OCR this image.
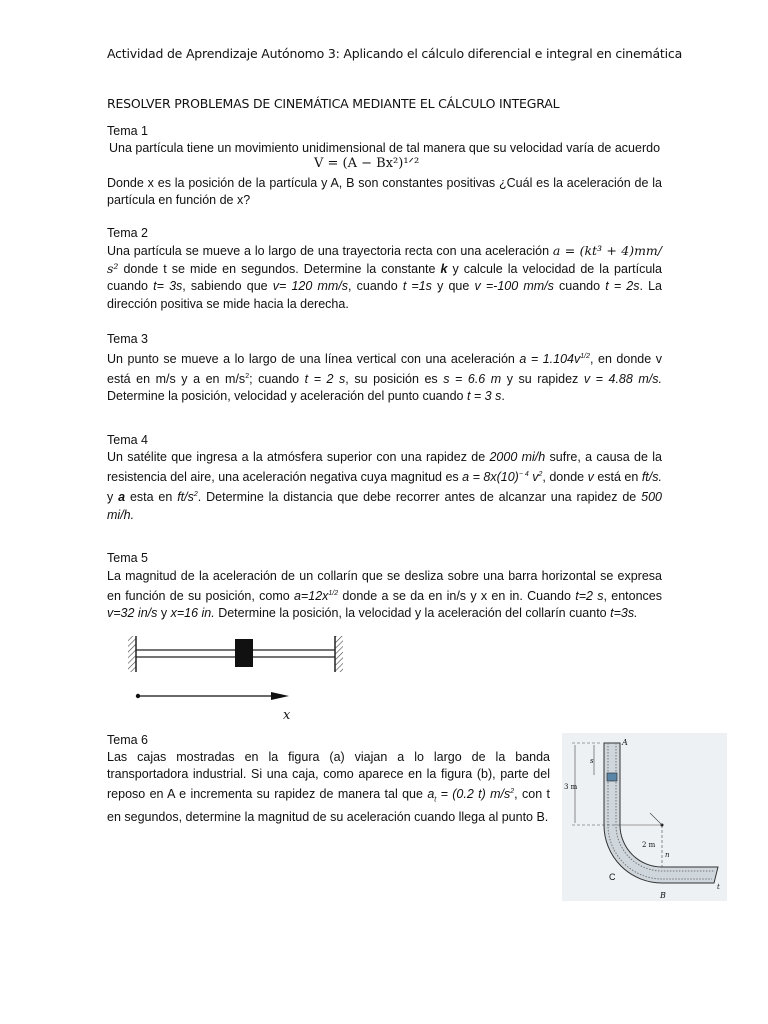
Actividad de Aprendizaje Autónomo 3: Aplicando el cálculo diferencial e integral en cinemática
RESOLVER PROBLEMAS DE CINEMÁTICA MEDIANTE EL CÁLCULO INTEGRAL
Tema 1
Una partícula tiene un movimiento unidimensional de tal manera que su velocidad varía de acuerdo
V = (A − Bx²)¹ᐟ²
Donde x es la posición de la partícula y A, B son constantes positivas ¿Cuál es la aceleración de la partícula en función de x?
Tema 2
Una partícula se mueve a lo largo de una trayectoria recta con una aceleración a = (kt³ + 4)mm/ s² donde t se mide en segundos. Determine la constante k y calcule la velocidad de la partícula cuando t= 3s, sabiendo que v= 120 mm/s, cuando t =1s y que v =-100 mm/s cuando t = 2s. La dirección positiva se mide hacia la derecha.
Tema 3
Un punto se mueve a lo largo de una línea vertical con una aceleración $a = 1.104v^{1/2}$, en donde v está en m/s y a en $m/s^2$; cuando t = 2 s, su posición es s = 6.6 m y su rapidez v = 4.88 m/s. Determine la posición, velocidad y aceleración del punto cuando t = 3 s.
Tema 4
Un satélite que ingresa a la atmósfera superior con una rapidez de 2000 mi/h sufre, a causa de la resistencia del aire, una aceleración negativa cuya magnitud es $a = 8x(10)^{- 4}$ $v^2$, donde v está en ft/s. y a esta en $ft/s^2$. Determine la distancia que debe recorrer antes de alcanzar una rapidez de 500 mi/h.
Tema 5
La magnitud de la aceleración de un collarín que se desliza sobre una barra horizontal se expresa en función de su posición, como $a=12x^{1/2}$ donde a se da en in/s y x en in. Cuando t=2 s, entonces v=32 in/s y x=16 in. Determine la posición, la velocidad y la aceleración del collarín cuanto t=3s.
x
Tema 6
Las cajas mostradas en la figura (a) viajan a lo largo de la banda transportadora industrial. Si una caja, como aparece en la figura (b), parte del reposo en A e incrementa su rapidez de manera tal que $a_t = (0.2$ t) $m/s^2$, con t en segundos, determine la magnitud de su aceleración cuando llega al punto B.
A
s
3 m
2 m
n
t
B
C
